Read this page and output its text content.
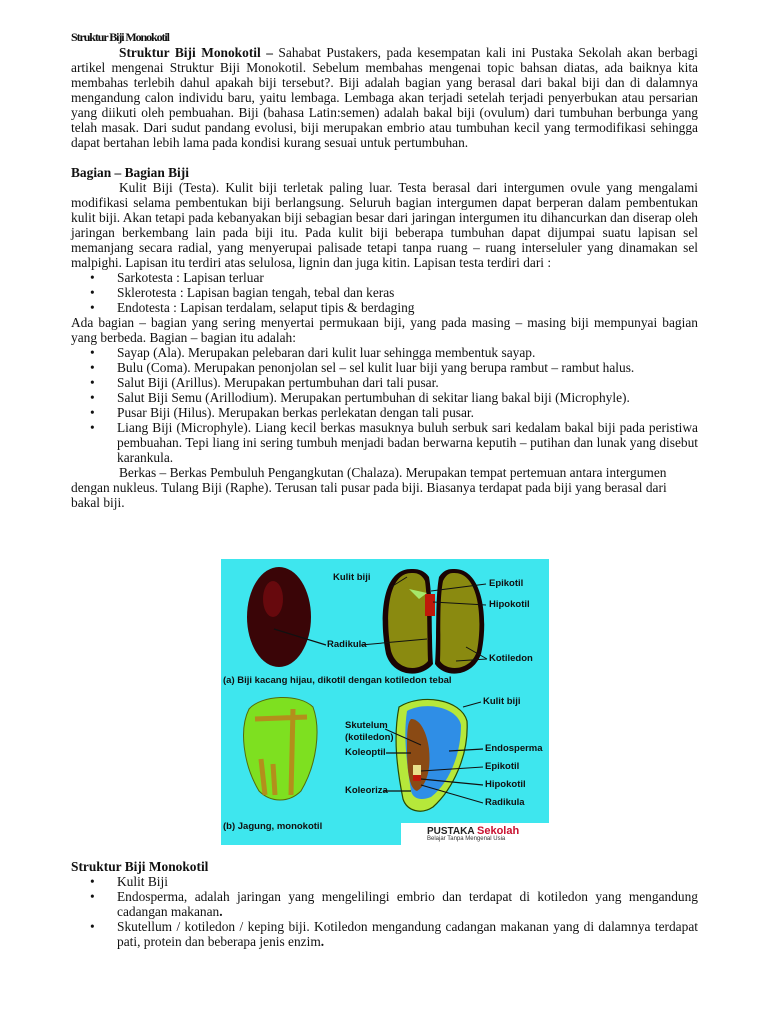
Struktur Biji Monokotil

Struktur Biji Monokotil – Sahabat Pustakers, pada kesempatan kali ini Pustaka Sekolah akan berbagi artikel mengenai Struktur Biji Monokotil. Sebelum membahas mengenai topic bahsan diatas, ada baiknya kita membahas terlebih dahul apakah biji tersebut?. Biji adalah bagian yang berasal dari bakal biji dan di dalamnya mengandung calon individu baru, yaitu lembaga. Lembaga akan terjadi setelah terjadi penyerbukan atau persarian yang diikuti oleh pembuahan. Biji (bahasa Latin:semen) adalah bakal biji (ovulum) dari tumbuhan berbunga yang telah masak. Dari sudut pandang evolusi, biji merupakan embrio atau tumbuhan kecil yang termodifikasi sehingga dapat bertahan lebih lama pada kondisi kurang sesuai untuk pertumbuhan.

Bagian – Bagian Biji

Kulit Biji (Testa). Kulit biji terletak paling luar. Testa berasal dari intergumen ovule yang mengalami modifikasi selama pembentukan biji berlangsung. Seluruh bagian intergumen dapat berperan dalam pembentukan kulit biji. Akan tetapi pada kebanyakan biji sebagian besar dari jaringan intergumen itu dihancurkan dan diserap oleh jaringan berkembang lain pada biji itu. Pada kulit biji beberapa tumbuhan dapat dijumpai suatu lapisan sel memanjang secara radial, yang menyerupai palisade tetapi tanpa ruang – ruang interseluler yang dinamakan sel malpighi. Lapisan itu terdiri atas selulosa, lignin dan juga kitin. Lapisan testa terdiri dari :

• Sarkotesta : Lapisan terluar
• Sklerotesta : Lapisan bagian tengah, tebal dan keras
• Endotesta : Lapisan terdalam, selaput tipis & berdaging

Ada bagian – bagian yang sering menyertai permukaan biji, yang pada masing – masing biji mempunyai bagian yang berbeda. Bagian – bagian itu adalah:

• Sayap (Ala). Merupakan pelebaran dari kulit luar sehingga membentuk sayap.
• Bulu (Coma). Merupakan penonjolan sel – sel kulit luar biji yang berupa rambut – rambut halus.
• Salut Biji (Arillus). Merupakan pertumbuhan dari tali pusar.
• Salut Biji Semu (Arillodium). Merupakan pertumbuhan di sekitar liang bakal biji (Microphyle).
• Pusar Biji (Hilus). Merupakan berkas perlekatan dengan tali pusar.
• Liang Biji (Microphyle). Liang kecil berkas masuknya buluh serbuk sari kedalam bakal biji pada peristiwa pembuahan. Tepi liang ini sering tumbuh menjadi badan berwarna keputih – putihan dan lunak yang disebut karankula.

Berkas – Berkas Pembuluh Pengangkutan (Chalaza). Merupakan tempat pertemuan antara intergumen dengan nukleus. Tulang Biji (Raphe). Terusan tali pusar pada biji. Biasanya terdapat pada biji yang berasal dari bakal biji.

Kulit biji
Epikotil
Hipokotil
Radikula
Kotiledon
(a) Biji kacang hijau, dikotil dengan kotiledon tebal
Kulit biji
Skutelum
(kotiledon)
Endosperma
Koleoptil
Epikotil
Hipokotil
Koleoriza
Radikula
(b) Jagung, monokotil	PUSTAKA Sekolah
Belajar Tanpa Mengenal Usia

Struktur Biji Monokotil

• Kulit Biji
• Endosperma, adalah jaringan yang mengelilingi embrio dan terdapat di kotiledon yang mengandung cadangan makanan.
• Skutellum / kotiledon / keping biji. Kotiledon mengandung cadangan makanan yang di dalamnya terdapat pati, protein dan beberapa jenis enzim.
